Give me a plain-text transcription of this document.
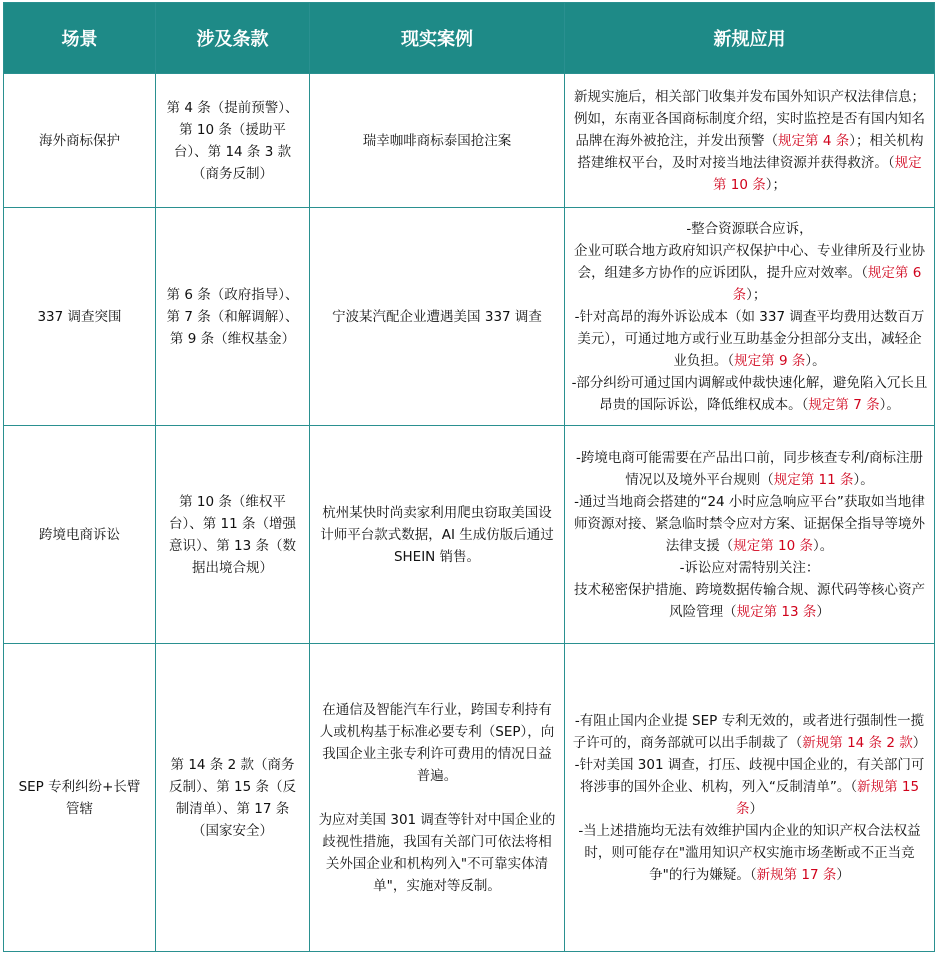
场景	涉及条款	现实案例	新规应用
海外商标保护	第 4 条（提前预警）、第 10 条（援助平台）、第 14 条 3 款（商务反制）	瑞幸咖啡商标泰国抢注案	新规实施后，相关部门收集并发布国外知识产权法律信息；
例如，东南亚各国商标制度介绍，实时监控是否有国内知名品牌在海外被抢注，并发出预警（规定第 4 条）；相关机构搭建维权平台，及时对接当地法律资源并获得救济。（规定第 10 条）；

337 调查突围	第 6 条（政府指导）、第 7 条（和解调解）、第 9 条（维权基金）	宁波某汽配企业遭遇美国 337 调查	-整合资源联合应诉，
企业可联合地方政府知识产权保护中心、专业律所及行业协会，组建多方协作的应诉团队，提升应对效率。（规定第 6 条）；
-针对高昂的海外诉讼成本（如 337 调查平均费用达数百万美元），可通过地方或行业互助基金分担部分支出，减轻企业负担。（规定第 9 条）。
-部分纠纷可通过国内调解或仲裁快速化解，避免陷入冗长且昂贵的国际诉讼，降低维权成本。（规定第 7 条）。

跨境电商诉讼	第 10 条（维权平台）、第 11 条（增强意识）、第 13 条（数据出境合规）	杭州某快时尚卖家利用爬虫窃取美国设计师平台款式数据，AI 生成仿版后通过 SHEIN 销售。	-跨境电商可能需要在产品出口前，同步核查专利/商标注册情况以及境外平台规则（规定第 11 条）。
-通过当地商会搭建的“24 小时应急响应平台”获取如当地律师资源对接、紧急临时禁令应对方案、证据保全指导等境外法律支援（规定第 10 条）。
-诉讼应对需特别关注：
技术秘密保护措施、跨境数据传输合规、源代码等核心资产风险管理（规定第 13 条）

SEP 专利纠纷+长臂管辖	第 14 条 2 款（商务反制）、第 15 条（反制清单）、第 17 条（国家安全）	在通信及智能汽车行业，跨国专利持有人或机构基于标准必要专利（SEP），向我国企业主张专利许可费用的情况日益普遍。
为应对美国 301 调查等针对中国企业的歧视性措施，我国有关部门可依法将相关外国企业和机构列入"不可靠实体清单"，实施对等反制。	-有阻止国内企业提 SEP 专利无效的，或者进行强制性一揽子许可的，商务部就可以出手制裁了（新规第 14 条 2 款）
-针对美国 301 调查，打压、歧视中国企业的，有关部门可将涉事的国外企业、机构，列入“反制清单”。（新规第 15 条）
-当上述措施均无法有效维护国内企业的知识产权合法权益时，则可能存在"滥用知识产权实施市场垄断或不正当竞争"的行为嫌疑。（新规第 17 条）
